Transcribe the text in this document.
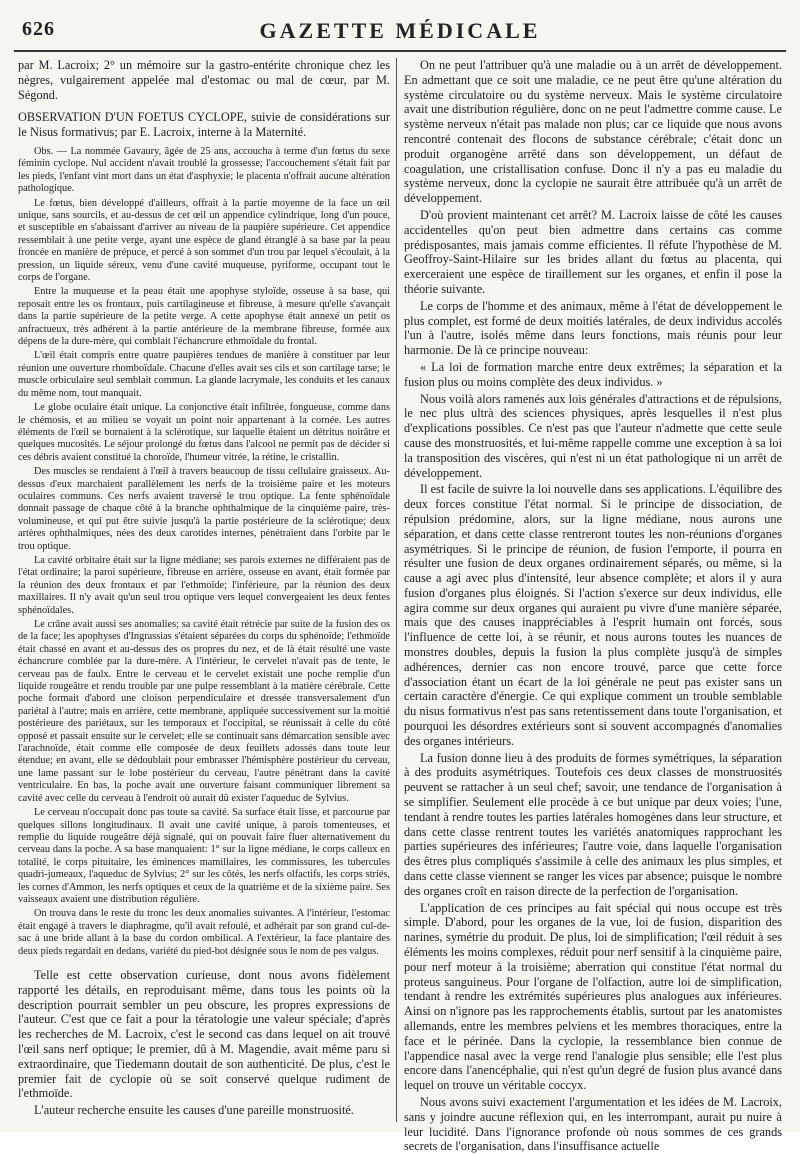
626	GAZETTE MÉDICALE

par M. Lacroix; 2° un mémoire sur la gastro-entérite chronique chez les nègres, vulgairement appelée mal d'estomac ou mal de cœur, par M. Ségond.

OBSERVATION D'UN FOETUS CYCLOPE, suivie de considérations sur le Nisus formativus; par E. Lacroix, interne à la Maternité.

Obs. — La nommée Gavaury, âgée de 25 ans, accoucha à terme d'un fœtus du sexe féminin cyclope. Nul accident n'avait troublé la grossesse; l'accouchement s'était fait par les pieds, l'enfant vint mort dans un état d'asphyxie; le placenta n'offrait aucune altération pathologique.

Le fœtus, bien développé d'ailleurs, offrait à la partie moyenne de la face un œil unique, sans sourcils, et au-dessus de cet œil un appendice cylindrique, long d'un pouce, et susceptible en s'abaissant d'arriver au niveau de la paupière supérieure. Cet appendice ressemblait à une petite verge, ayant une espèce de gland étranglé à sa base par la peau froncée en manière de prépuce, et percé à son sommet d'un trou par lequel s'écoulait, à la pression, un liquide séreux, venu d'une cavité muqueuse, pyriforme, occupant tout le corps de l'organe.

Entre la muqueuse et la peau était une apophyse styloïde, osseuse à sa base, qui reposait entre les os frontaux, puis cartilagineuse et fibreuse, à mesure qu'elle s'avançait dans la partie supérieure de la petite verge. A cette apophyse était annexé un petit os anfractueux, très adhérent à la partie antérieure de la membrane fibreuse, formée aux dépens de la dure-mère, qui comblait l'échancrure ethmoïdale du frontal.

L'œil était compris entre quatre paupières tendues de manière à constituer par leur réunion une ouverture rhomboïdale. Chacune d'elles avait ses cils et son cartilage tarse; le muscle orbiculaire seul semblait commun. La glande lacrymale, les conduits et les canaux du même nom, tout manquait.

Le globe oculaire était unique. La conjonctive était infiltrée, fongueuse, comme dans le chémosis, et au milieu se voyait un point noir appartenant à la cornée. Les autres éléments de l'œil se bornaient à la sclérotique, sur laquelle étaient un détritus noirâtre et quelques mucosités. Le séjour prolongé du fœtus dans l'alcool ne permit pas de décider si ces débris avaient constitué la choroïde, l'humeur vitrée, la rétine, le cristallin.

Des muscles se rendaient à l'œil à travers beaucoup de tissu cellulaire graisseux. Au-dessus d'eux marchaient parallèlement les nerfs de la troisième paire et les moteurs oculaires communs. Ces nerfs avaient traversé le trou optique. La fente sphénoïdale donnait passage de chaque côté à la branche ophthalmique de la cinquième paire, très-volumineuse, et qui put être suivie jusqu'à la partie postérieure de la sclérotique; deux artères ophthalmiques, nées des deux carotides internes, pénétraient dans l'orbite par le trou optique.

La cavité orbitaire était sur la ligne médiane; ses parois externes ne différaient pas de l'état ordinaire; la paroi supérieure, fibreuse en arrière, osseuse en avant, était formée par la réunion des deux frontaux et par l'ethmoïde; l'inférieure, par la réunion des deux maxillaires. Il n'y avait qu'un seul trou optique vers lequel convergeaient les deux fentes sphénoïdales.

Le crâne avait aussi ses anomalies; sa cavité était rétrécie par suite de la fusion des os de la face; les apophyses d'Ingrassias s'étaient séparées du corps du sphénoïde; l'ethmoïde était chassé en avant et au-dessus des os propres du nez, et de là était résulté une vaste échancrure comblée par la dure-mère. A l'intérieur, le cervelet n'avait pas de tente, le cerveau pas de faulx. Entre le cerveau et le cervelet existait une poche remplie d'un liquide rougeâtre et rendu trouble par une pulpe ressemblant à la matière cérébrale. Cette poche formait d'abord une cloison perpendiculaire et dressée transversalement d'un pariétal à l'autre; mais en arrière, cette membrane, appliquée successivement sur la moitié postérieure des pariétaux, sur les temporaux et l'occipital, se réunissait à celle du côté opposé et passait ensuite sur le cervelet; elle se continuait sans démarcation sensible avec l'arachnoïde, était comme elle composée de deux feuillets adossés dans toute leur étendue; en avant, elle se dédoublait pour embrasser l'hémisphère postérieur du cerveau, une lame passant sur le lobe postérieur du cerveau, l'autre pénétrant dans la cavité ventriculaire. En bas, la poche avait une ouverture faisant communiquer librement sa cavité avec celle du cerveau à l'endroit où aurait dû exister l'aqueduc de Sylvius.

Le cerveau n'occupait donc pas toute sa cavité. Sa surface était lisse, et parcourue par quelques sillons longitudinaux. Il avait une cavité unique, à parois tomenteuses, et remplie du liquide rougeâtre déjà signalé, qui on pouvait faire fluer alternativement du cerveau dans la poche. A sa base manquaient: 1° sur la ligne médiane, le corps calleux en totalité, le corps pituitaire, les éminences mamillaires, les commissures, les tubercules quadri-jumeaux, l'aqueduc de Sylvius; 2° sur les côtés, les nerfs olfactifs, les corps striés, les cornes d'Ammon, les nerfs optiques et ceux de la quatrième et de la sixième paire. Ses vaisseaux avaient une distribution régulière.

On trouva dans le reste du tronc les deux anomalies suivantes. A l'intérieur, l'estomac était engagé à travers le diaphragme, qu'il avait refoulé, et adhérait par son grand cul-de-sac à une bride allant à la base du cordon ombilical. A l'extérieur, la face plantaire des deux pieds regardait en dedans, variété du pied-bot désignée sous le nom de pes valgus.

Telle est cette observation curieuse, dont nous avons fidèlement rapporté les détails, en reproduisant même, dans tous les points où la description pourrait sembler un peu obscure, les propres expressions de l'auteur. C'est que ce fait a pour la tératologie une valeur spéciale; d'après les recherches de M. Lacroix, c'est le second cas dans lequel on ait trouvé l'œil sans nerf optique; le premier, dû à M. Magendie, avait même paru si extraordinaire, que Tiedemann doutait de son authenticité. De plus, c'est le premier fait de cyclopie où se soit conservé quelque rudiment de l'ethmoïde.

L'auteur recherche ensuite les causes d'une pareille monstruosité.

On ne peut l'attribuer qu'à une maladie ou à un arrêt de développement. En admettant que ce soit une maladie, ce ne peut être qu'une altération du système circulatoire ou du système nerveux. Mais le système circulatoire avait une distribution régulière, donc on ne peut l'admettre comme cause. Le système nerveux n'était pas malade non plus; car ce liquide que nous avons rencontré contenait des flocons de substance cérébrale; c'était donc un produit organogène arrêté dans son développement, un défaut de coagulation, une cristallisation confuse. Donc il n'y a pas eu maladie du système nerveux, donc la cyclopie ne saurait être attribuée qu'à un arrêt de développement.

D'où provient maintenant cet arrêt? M. Lacroix laisse de côté les causes accidentelles qu'on peut bien admettre dans certains cas comme prédisposantes, mais jamais comme efficientes. Il réfute l'hypothèse de M. Geoffroy-Saint-Hilaire sur les brides allant du fœtus au placenta, qui exerceraient une espèce de tiraillement sur les organes, et enfin il pose la théorie suivante.

Le corps de l'homme et des animaux, même à l'état de développement le plus complet, est formé de deux moitiés latérales, de deux individus accolés l'un à l'autre, isolés même dans leurs fonctions, mais réunis pour leur harmonie. De là ce principe nouveau:

« La loi de formation marche entre deux extrêmes; la séparation et la fusion plus ou moins complète des deux individus. »

Nous voilà alors ramenés aux lois générales d'attractions et de répulsions, le nec plus ultrà des sciences physiques, après lesquelles il n'est plus d'explications possibles. Ce n'est pas que l'auteur n'admette que cette seule cause des monstruosités, et lui-même rappelle comme une exception à sa loi la transposition des viscères, qui n'est ni un état pathologique ni un arrêt de développement.

Il est facile de suivre la loi nouvelle dans ses applications. L'équilibre des deux forces constitue l'état normal. Si le principe de dissociation, de répulsion prédomine, alors, sur la ligne médiane, nous aurons une séparation, et dans cette classe rentreront toutes les non-réunions d'organes asymétriques. Si le principe de réunion, de fusion l'emporte, il pourra en résulter une fusion de deux organes ordinairement séparés, ou même, si la cause a agi avec plus d'intensité, leur absence complète; et alors il y aura fusion d'organes plus éloignés. Si l'action s'exerce sur deux individus, elle agira comme sur deux organes qui auraient pu vivre d'une manière séparée, mais que des causes inappréciables à l'esprit humain ont forcés, sous l'influence de cette loi, à se réunir, et nous aurons toutes les nuances de monstres doubles, depuis la fusion la plus complète jusqu'à de simples adhérences, dernier cas non encore trouvé, parce que cette force d'association étant un écart de la loi générale ne peut pas exister sans un certain caractère d'énergie. Ce qui explique comment un trouble semblable du nisus formativus n'est pas sans retentissement dans toute l'organisation, et pourquoi les désordres extérieurs sont si souvent accompagnés d'anomalies des organes intérieurs.

La fusion donne lieu à des produits de formes symétriques, la séparation à des produits asymétriques. Toutefois ces deux classes de monstruosités peuvent se rattacher à un seul chef; savoir, une tendance de l'organisation à se simplifier. Seulement elle procède à ce but unique par deux voies; l'une, tendant à rendre toutes les parties latérales homogènes dans leur structure, et dans cette classe rentrent toutes les variétés anatomiques rapprochant les parties supérieures des inférieures; l'autre voie, dans laquelle l'organisation des êtres plus compliqués s'assimile à celle des animaux les plus simples, et dans cette classe viennent se ranger les vices par absence; puisque le nombre des organes croît en raison directe de la perfection de l'organisation.

L'application de ces principes au fait spécial qui nous occupe est très simple. D'abord, pour les organes de la vue, loi de fusion, disparition des narines, symétrie du produit. De plus, loi de simplification; l'œil réduit à ses éléments les moins complexes, réduit pour nerf sensitif à la cinquième paire, pour nerf moteur à la troisième; aberration qui constitue l'état normal du proteus sanguineus. Pour l'organe de l'olfaction, autre loi de simplification, tendant à rendre les extrémités supérieures plus analogues aux inférieures. Ainsi on n'ignore pas les rapprochements établis, surtout par les anatomistes allemands, entre les membres pelviens et les membres thoraciques, entre la face et le périnée. Dans la cyclopie, la ressemblance bien connue de l'appendice nasal avec la verge rend l'analogie plus sensible; elle l'est plus encore dans l'anencéphalie, qui n'est qu'un degré de fusion plus avancé dans lequel on trouve un véritable coccyx.

Nous avons suivi exactement l'argumentation et les idées de M. Lacroix, sans y joindre aucune réflexion qui, en les interrompant, aurait pu nuire à leur lucidité. Dans l'ignorance profonde où nous sommes de ces grands secrets de l'organisation, dans l'insuffisance actuelle
